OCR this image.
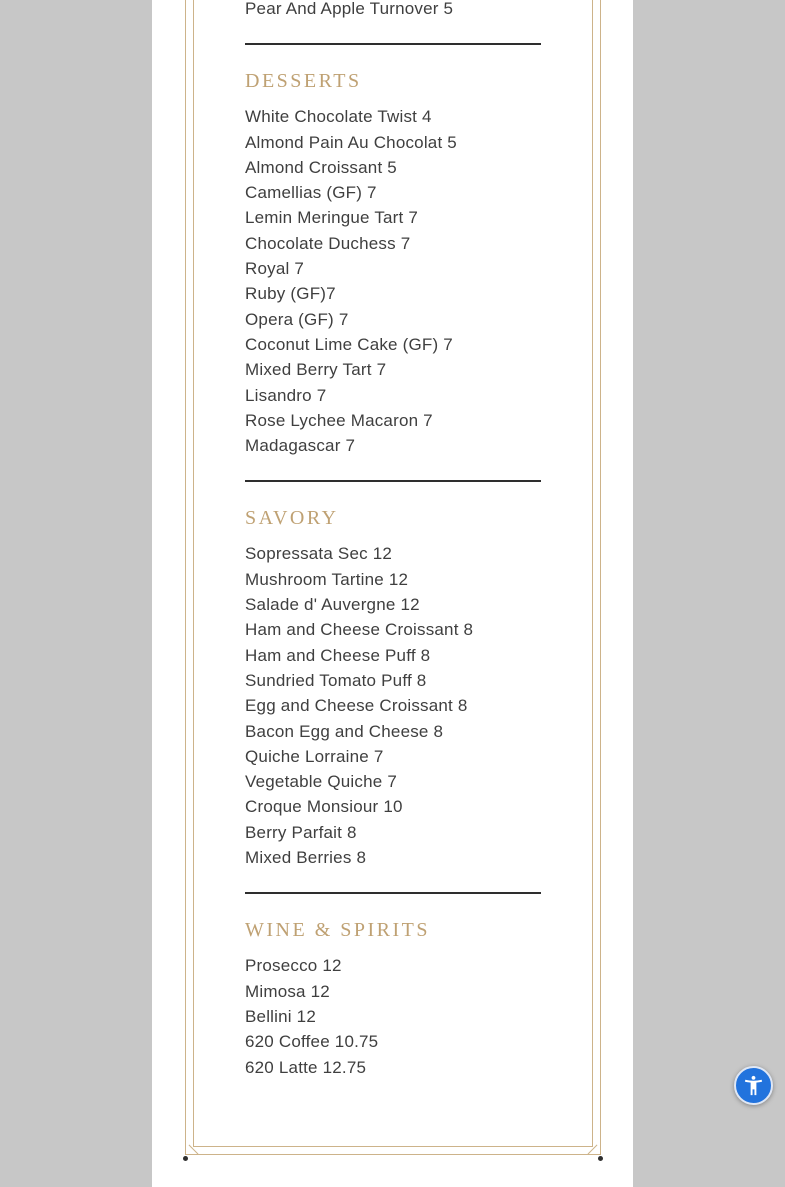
Pear And Apple Turnover 5
DESSERTS
White Chocolate Twist 4
Almond Pain Au Chocolat 5
Almond Croissant 5
Camellias (GF) 7
Lemin Meringue Tart 7
Chocolate Duchess 7
Royal 7
Ruby (GF)7
Opera (GF) 7
Coconut Lime Cake (GF) 7
Mixed Berry Tart 7
Lisandro 7
Rose Lychee Macaron 7
Madagascar 7
SAVORY
Sopressata Sec 12
Mushroom Tartine 12
Salade d' Auvergne 12
Ham and Cheese Croissant 8
Ham and Cheese Puff 8
Sundried Tomato Puff 8
Egg and Cheese Croissant 8
Bacon Egg and Cheese 8
Quiche Lorraine 7
Vegetable Quiche 7
Croque Monsiour 10
Berry Parfait 8
Mixed Berries 8
WINE & SPIRITS
Prosecco 12
Mimosa 12
Bellini 12
620 Coffee 10.75
620 Latte 12.75
